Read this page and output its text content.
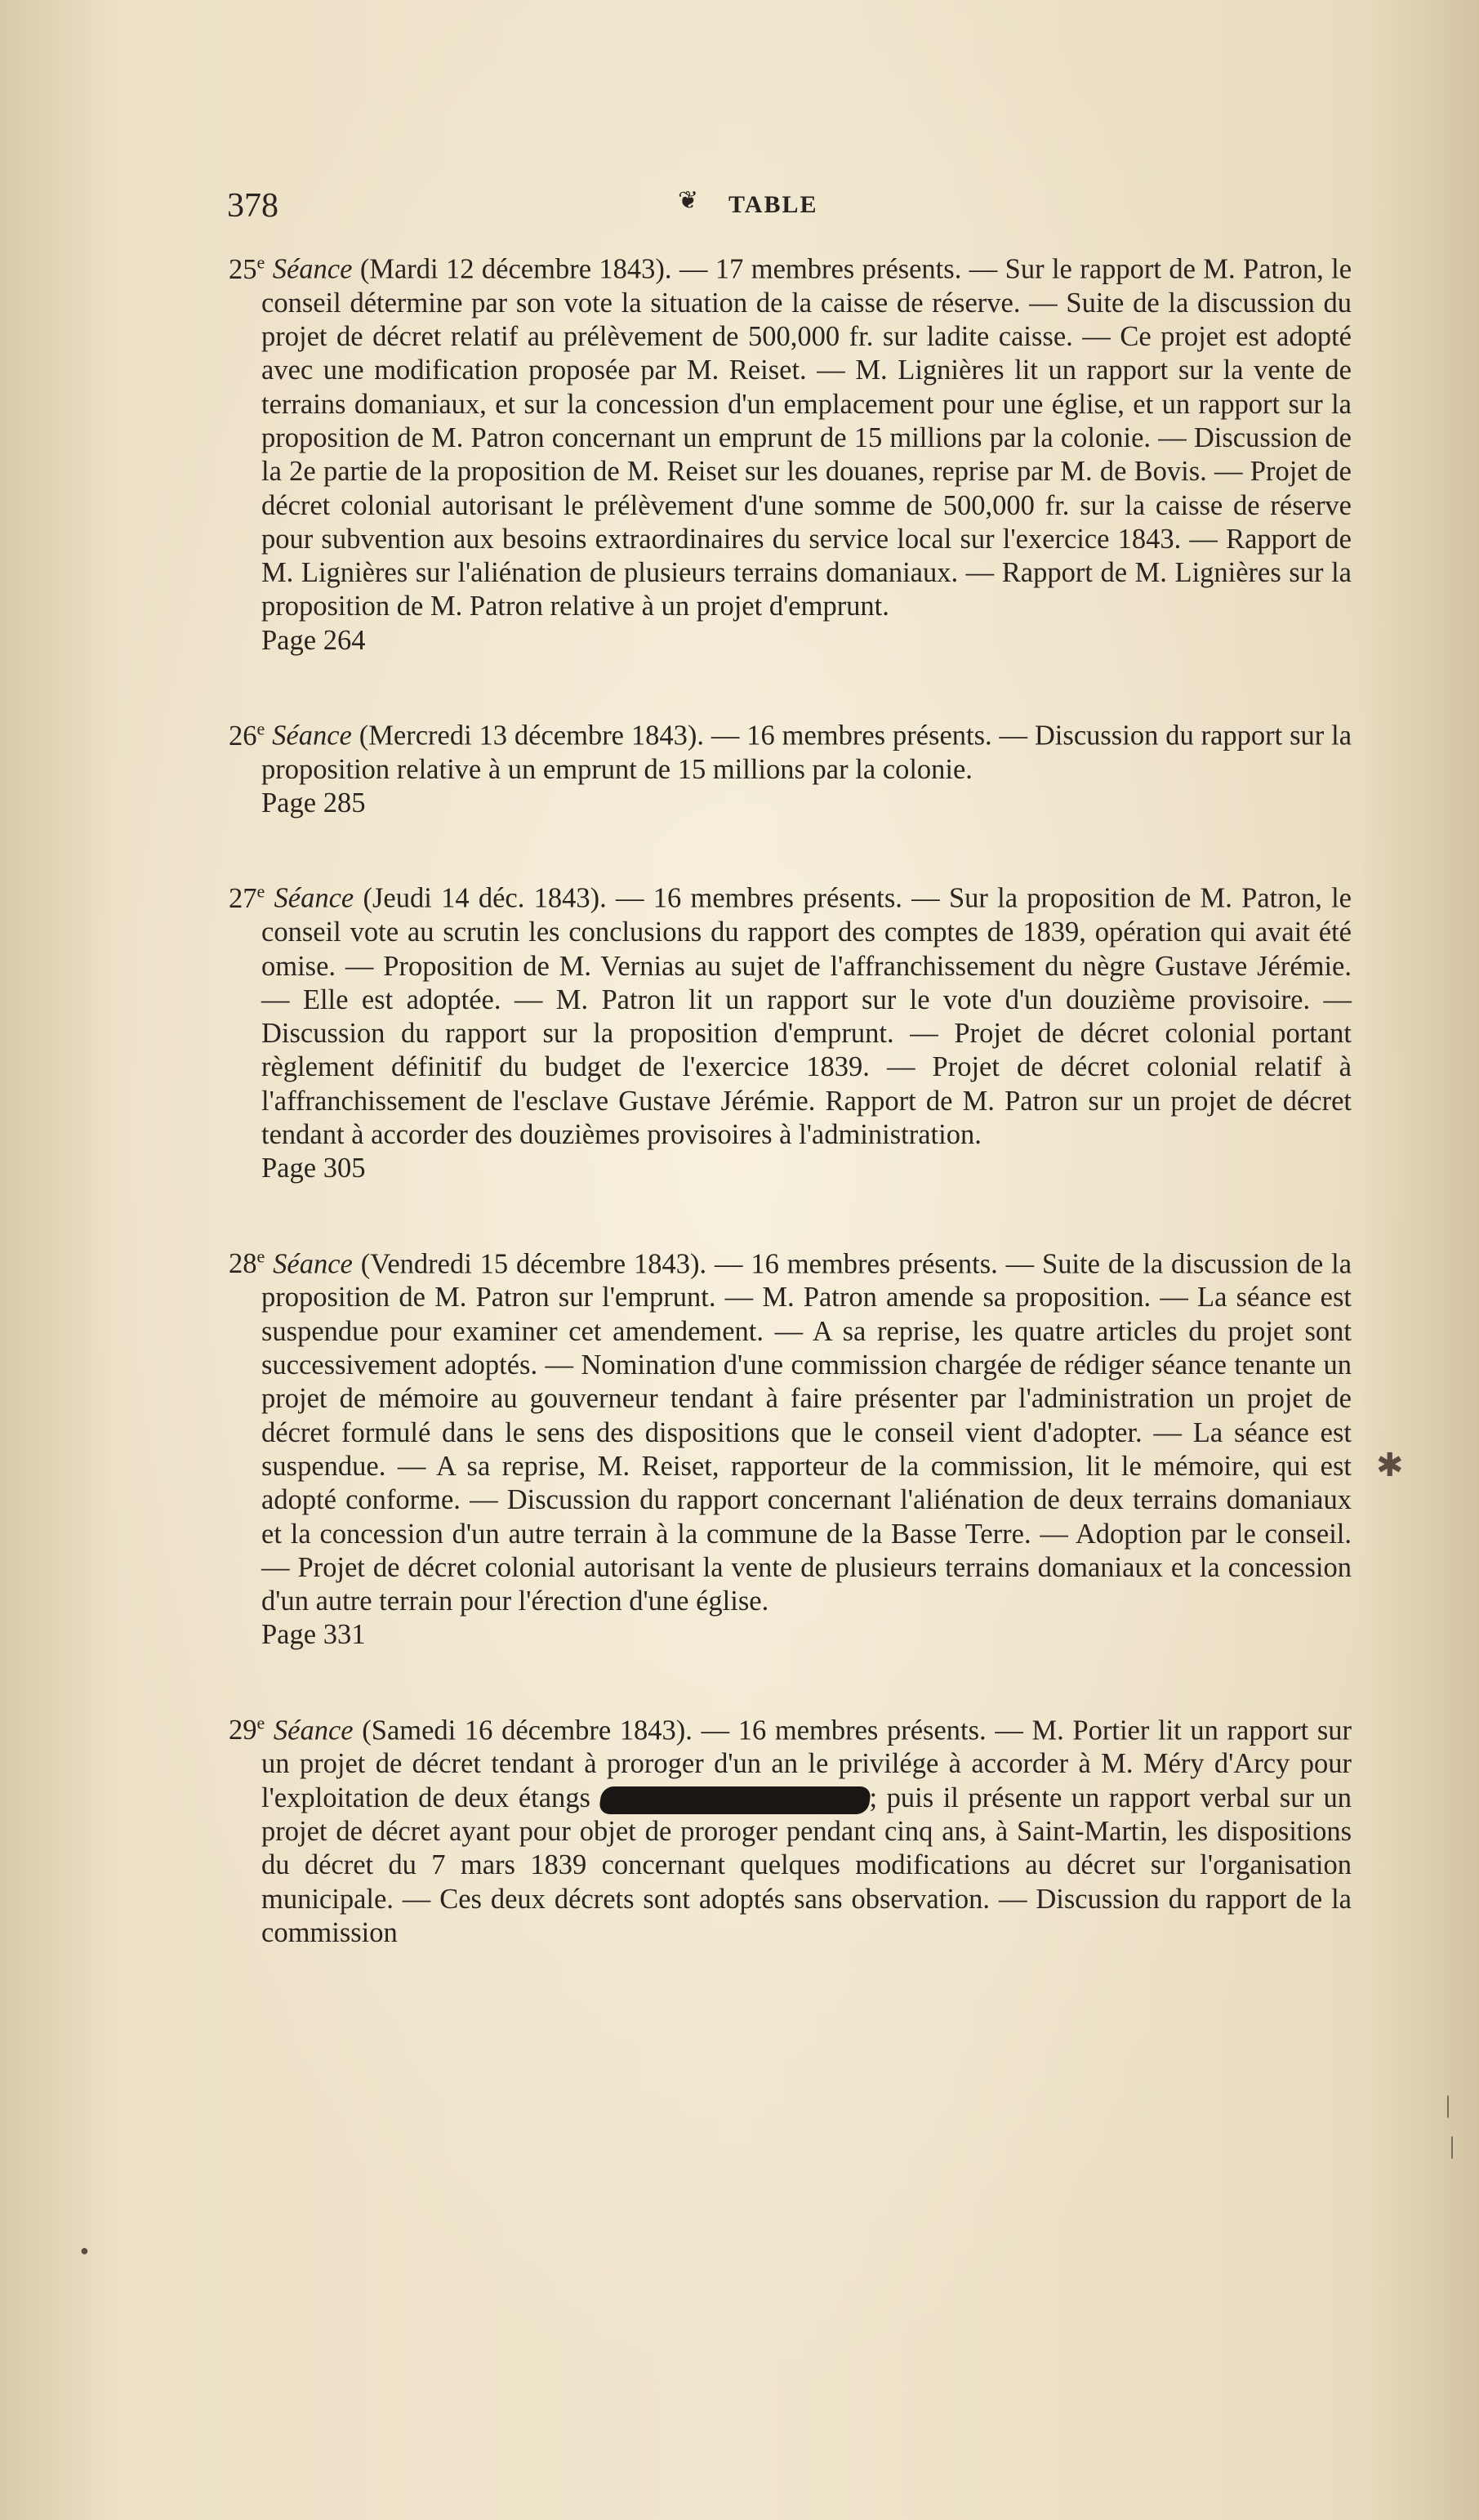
378	❦ TABLE

25e Séance (Mardi 12 décembre 1843). — 17 membres présents. — Sur le rapport de M. Patron, le conseil détermine par son vote la situation de la caisse de réserve. — Suite de la discussion du projet de décret relatif au prélèvement de 500,000 fr. sur ladite caisse. — Ce projet est adopté avec une modification proposée par M. Reiset. — M. Lignières lit un rapport sur la vente de terrains domaniaux, et sur la concession d'un emplacement pour une église, et un rapport sur la proposition de M. Patron concernant un emprunt de 15 millions par la colonie. — Discussion de la 2e partie de la proposition de M. Reiset sur les douanes, reprise par M. de Bovis. — Projet de décret colonial autorisant le prélèvement d'une somme de 500,000 fr. sur la caisse de réserve pour subvention aux besoins extraordinaires du service local sur l'exercice 1843. — Rapport de M. Lignières sur l'aliénation de plusieurs terrains domaniaux. — Rapport de M. Lignières sur la proposition de M. Patron relative à un projet d'emprunt.
Page 264

26e Séance (Mercredi 13 décembre 1843). — 16 membres présents. — Discussion du rapport sur la proposition relative à un emprunt de 15 millions par la colonie.
Page 285

27e Séance (Jeudi 14 déc. 1843). — 16 membres présents. — Sur la proposition de M. Patron, le conseil vote au scrutin les conclusions du rapport des comptes de 1839, opération qui avait été omise. — Proposition de M. Vernias au sujet de l'affranchissement du nègre Gustave Jérémie. — Elle est adoptée. — M. Patron lit un rapport sur le vote d'un douzième provisoire. — Discussion du rapport sur la proposition d'emprunt. — Projet de décret colonial portant règlement définitif du budget de l'exercice 1839. — Projet de décret colonial relatif à l'affranchissement de l'esclave Gustave Jérémie. Rapport de M. Patron sur un projet de décret tendant à accorder des douzièmes provisoires à l'administration.
Page 305

28e Séance (Vendredi 15 décembre 1843). — 16 membres présents. — Suite de la discussion de la proposition de M. Patron sur l'emprunt. — M. Patron amende sa proposition. — La séance est suspendue pour examiner cet amendement. — A sa reprise, les quatre articles du projet sont successivement adoptés. — Nomination d'une commission chargée de rédiger séance tenante un projet de mémoire au gouverneur tendant à faire présenter par l'administration un projet de décret formulé dans le sens des dispositions que le conseil vient d'adopter. — La séance est suspendue. — A sa reprise, M. Reiset, rapporteur de la commission, lit le mémoire, qui est adopté conforme. — Discussion du rapport concernant l'aliénation de deux terrains domaniaux et la concession d'un autre terrain à la commune de la Basse Terre. — Adoption par le conseil. — Projet de décret colonial autorisant la vente de plusieurs terrains domaniaux et la concession d'un autre terrain pour l'érection d'une église.
Page 331

29e Séance (Samedi 16 décembre 1843). — 16 membres présents. — M. Portier lit un rapport sur un projet de décret tendant à proroger d'un an le privilége à accorder à M. Méry d'Arcy pour l'exploitation de deux étangs	; puis il présente un rapport verbal sur un projet de décret ayant pour objet de proroger pendant cinq ans, à Saint-Martin, les dispositions du décret du 7 mars 1839 concernant quelques modifications au décret sur l'organisation municipale. — Ces deux décrets sont adoptés sans observation. — Discussion du rapport de la commission

✱
|
|
●
